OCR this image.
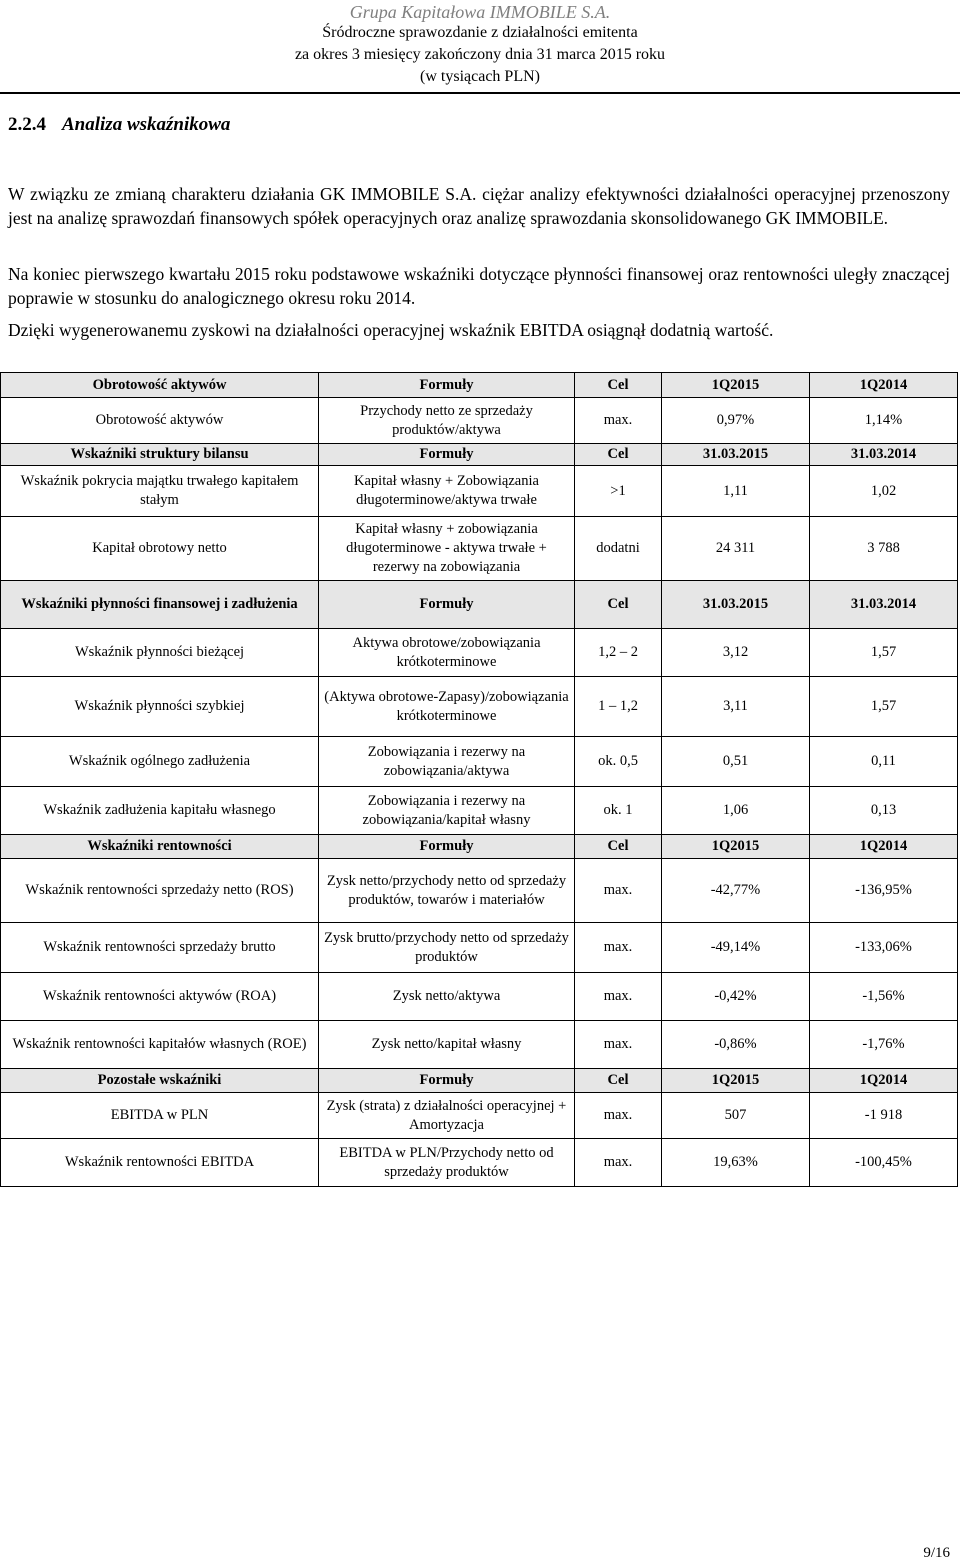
Grupa Kapitałowa IMMOBILE S.A.
Śródroczne sprawozdanie z działalności emitenta
za okres 3 miesięcy zakończony dnia 31 marca 2015 roku
(w tysiącach PLN)
2.2.4 Analiza wskaźnikowa
W związku ze zmianą charakteru działania GK IMMOBILE S.A. ciężar analizy efektywności działalności operacyjnej przenoszony jest na analizę sprawozdań finansowych spółek operacyjnych oraz analizę sprawozdania skonsolidowanego GK IMMOBILE.
Na koniec pierwszego kwartału 2015 roku podstawowe wskaźniki dotyczące płynności finansowej oraz rentowności uległy znaczącej poprawie w stosunku do analogicznego okresu roku 2014.
Dzięki wygenerowanemu zyskowi na działalności operacyjnej wskaźnik EBITDA osiągnął dodatnią wartość.
Obrotowość aktywów	Formuły	Cel	1Q2015	1Q2014
Obrotowość aktywów	Przychody netto ze sprzedaży produktów/aktywa	max.	0,97%	1,14%
Wskaźniki struktury bilansu	Formuły	Cel	31.03.2015	31.03.2014
Wskaźnik pokrycia majątku trwałego kapitałem stałym	Kapitał własny + Zobowiązania długoterminowe/aktywa trwałe	>1	1,11	1,02
Kapitał obrotowy netto	Kapitał własny + zobowiązania długoterminowe - aktywa trwałe + rezerwy na zobowiązania	dodatni	24 311	3 788
Wskaźniki płynności finansowej i zadłużenia	Formuły	Cel	31.03.2015	31.03.2014
Wskaźnik płynności bieżącej	Aktywa obrotowe/zobowiązania krótkoterminowe	1,2 – 2	3,12	1,57
Wskaźnik płynności szybkiej	(Aktywa obrotowe-Zapasy)/zobowiązania krótkoterminowe	1 – 1,2	3,11	1,57
Wskaźnik ogólnego zadłużenia	Zobowiązania i rezerwy na zobowiązania/aktywa	ok. 0,5	0,51	0,11
Wskaźnik zadłużenia kapitału własnego	Zobowiązania i rezerwy na zobowiązania/kapitał własny	ok. 1	1,06	0,13
Wskaźniki rentowności	Formuły	Cel	1Q2015	1Q2014
Wskaźnik rentowności sprzedaży netto (ROS)	Zysk netto/przychody netto od sprzedaży produktów, towarów i materiałów	max.	-42,77%	-136,95%
Wskaźnik rentowności sprzedaży brutto	Zysk brutto/przychody netto od sprzedaży produktów	max.	-49,14%	-133,06%
Wskaźnik rentowności aktywów (ROA)	Zysk netto/aktywa	max.	-0,42%	-1,56%
Wskaźnik rentowności kapitałów własnych (ROE)	Zysk netto/kapitał własny	max.	-0,86%	-1,76%
Pozostałe wskaźniki	Formuły	Cel	1Q2015	1Q2014
EBITDA w PLN	Zysk (strata) z działalności operacyjnej + Amortyzacja	max.	507	-1 918
Wskaźnik rentowności EBITDA	EBITDA w PLN/Przychody netto od sprzedaży produktów	max.	19,63%	-100,45%
9/16
